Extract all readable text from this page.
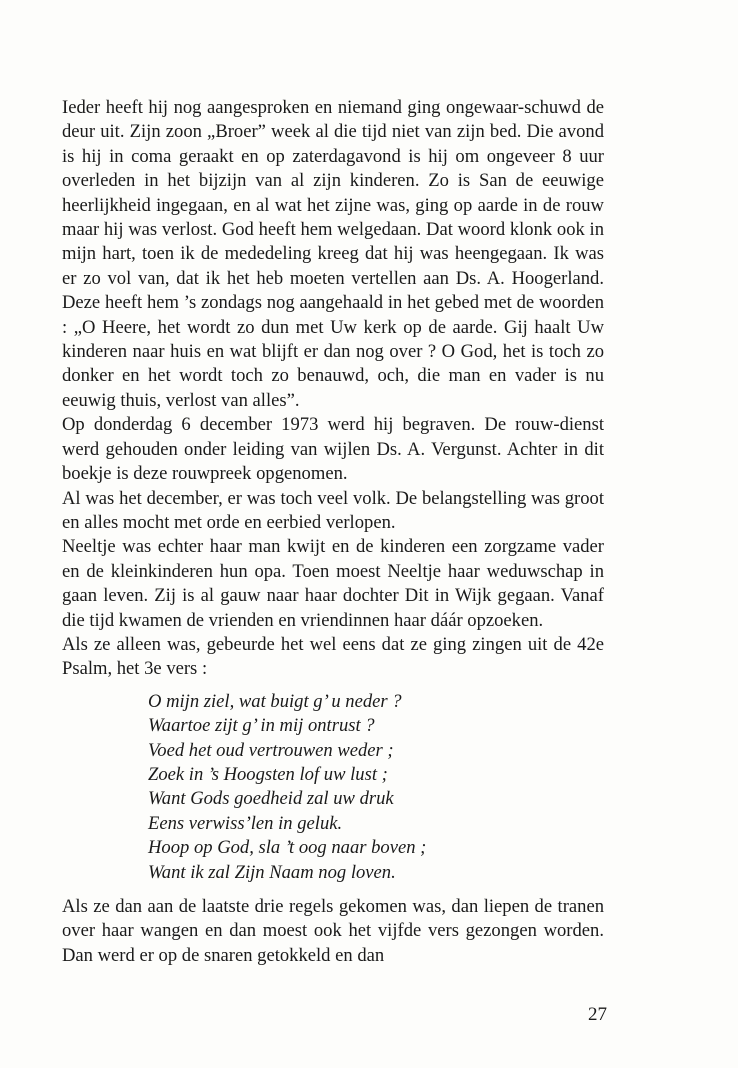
Ieder heeft hij nog aangesproken en niemand ging ongewaar-schuwd de deur uit. Zijn zoon „Broer” week al die tijd niet van zijn bed. Die avond is hij in coma geraakt en op zaterdagavond is hij om ongeveer 8 uur overleden in het bijzijn van al zijn kinderen. Zo is San de eeuwige heerlijkheid ingegaan, en al wat het zijne was, ging op aarde in de rouw maar hij was verlost. God heeft hem welgedaan. Dat woord klonk ook in mijn hart, toen ik de mededeling kreeg dat hij was heengegaan. Ik was er zo vol van, dat ik het heb moeten vertellen aan Ds. A. Hoogerland. Deze heeft hem ’s zondags nog aangehaald in het gebed met de woorden : „O Heere, het wordt zo dun met Uw kerk op de aarde. Gij haalt Uw kinderen naar huis en wat blijft er dan nog over ? O God, het is toch zo donker en het wordt toch zo benauwd, och, die man en vader is nu eeuwig thuis, verlost van alles”.

Op donderdag 6 december 1973 werd hij begraven. De rouw-dienst werd gehouden onder leiding van wijlen Ds. A. Vergunst. Achter in dit boekje is deze rouwpreek opgenomen.

Al was het december, er was toch veel volk. De belangstelling was groot en alles mocht met orde en eerbied verlopen.

Neeltje was echter haar man kwijt en de kinderen een zorgzame vader en de kleinkinderen hun opa. Toen moest Neeltje haar weduwschap in gaan leven. Zij is al gauw naar haar dochter Dit in Wijk gegaan. Vanaf die tijd kwamen de vrienden en vriendinnen haar dáár opzoeken.

Als ze alleen was, gebeurde het wel eens dat ze ging zingen uit de 42e Psalm, het 3e vers :

O mijn ziel, wat buigt g’ u neder ?
Waartoe zijt g’ in mij ontrust ?
Voed het oud vertrouwen weder ;
Zoek in ’s Hoogsten lof uw lust ;
Want Gods goedheid zal uw druk
Eens verwiss’len in geluk.
Hoop op God, sla ’t oog naar boven ;
Want ik zal Zijn Naam nog loven.

Als ze dan aan de laatste drie regels gekomen was, dan liepen de tranen over haar wangen en dan moest ook het vijfde vers gezongen worden. Dan werd er op de snaren getokkeld en dan

27
